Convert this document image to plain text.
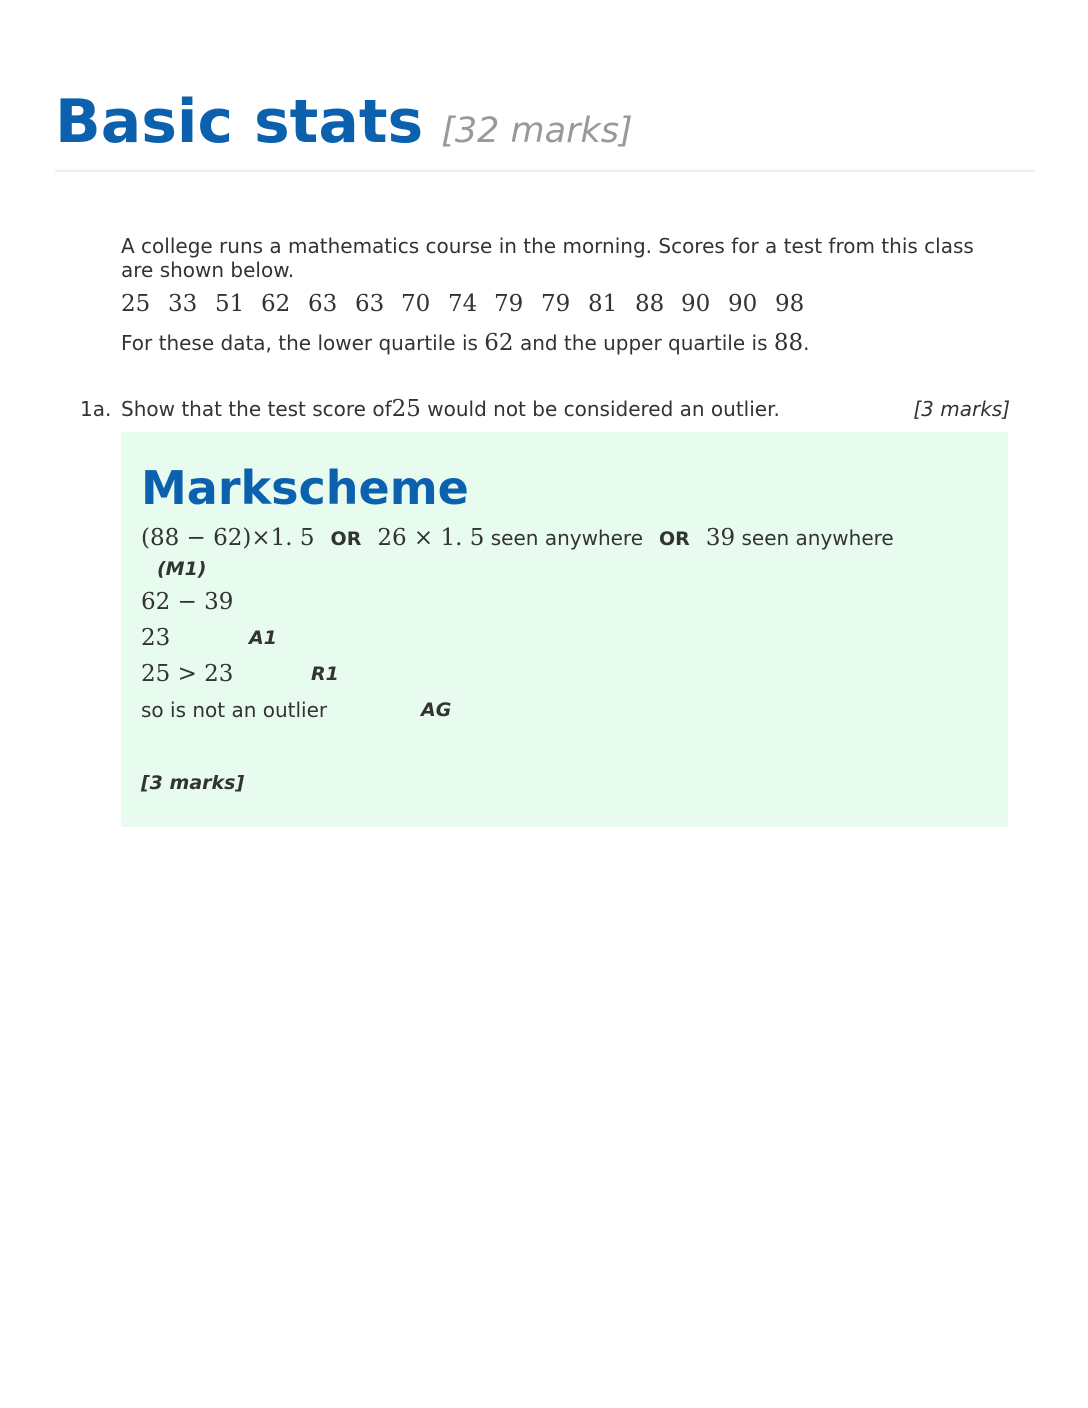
Basic stats [32 marks]
A college runs a mathematics course in the morning. Scores for a test from this class are shown below.
25 33 51 62 63 63 70 74 79 79 81 88 90 90 98
For these data, the lower quartile is 62 and the upper quartile is 88.
1a. Show that the test score of25 would not be considered an outlier.	[3 marks]
Markscheme
(88 − 62)×1. 5 OR 26 × 1. 5 seen anywhere OR 39 seen anywhere
(M1)
62 − 39
23	A1
25 > 23	R1
so is not an outlier	AG
[3 marks]
